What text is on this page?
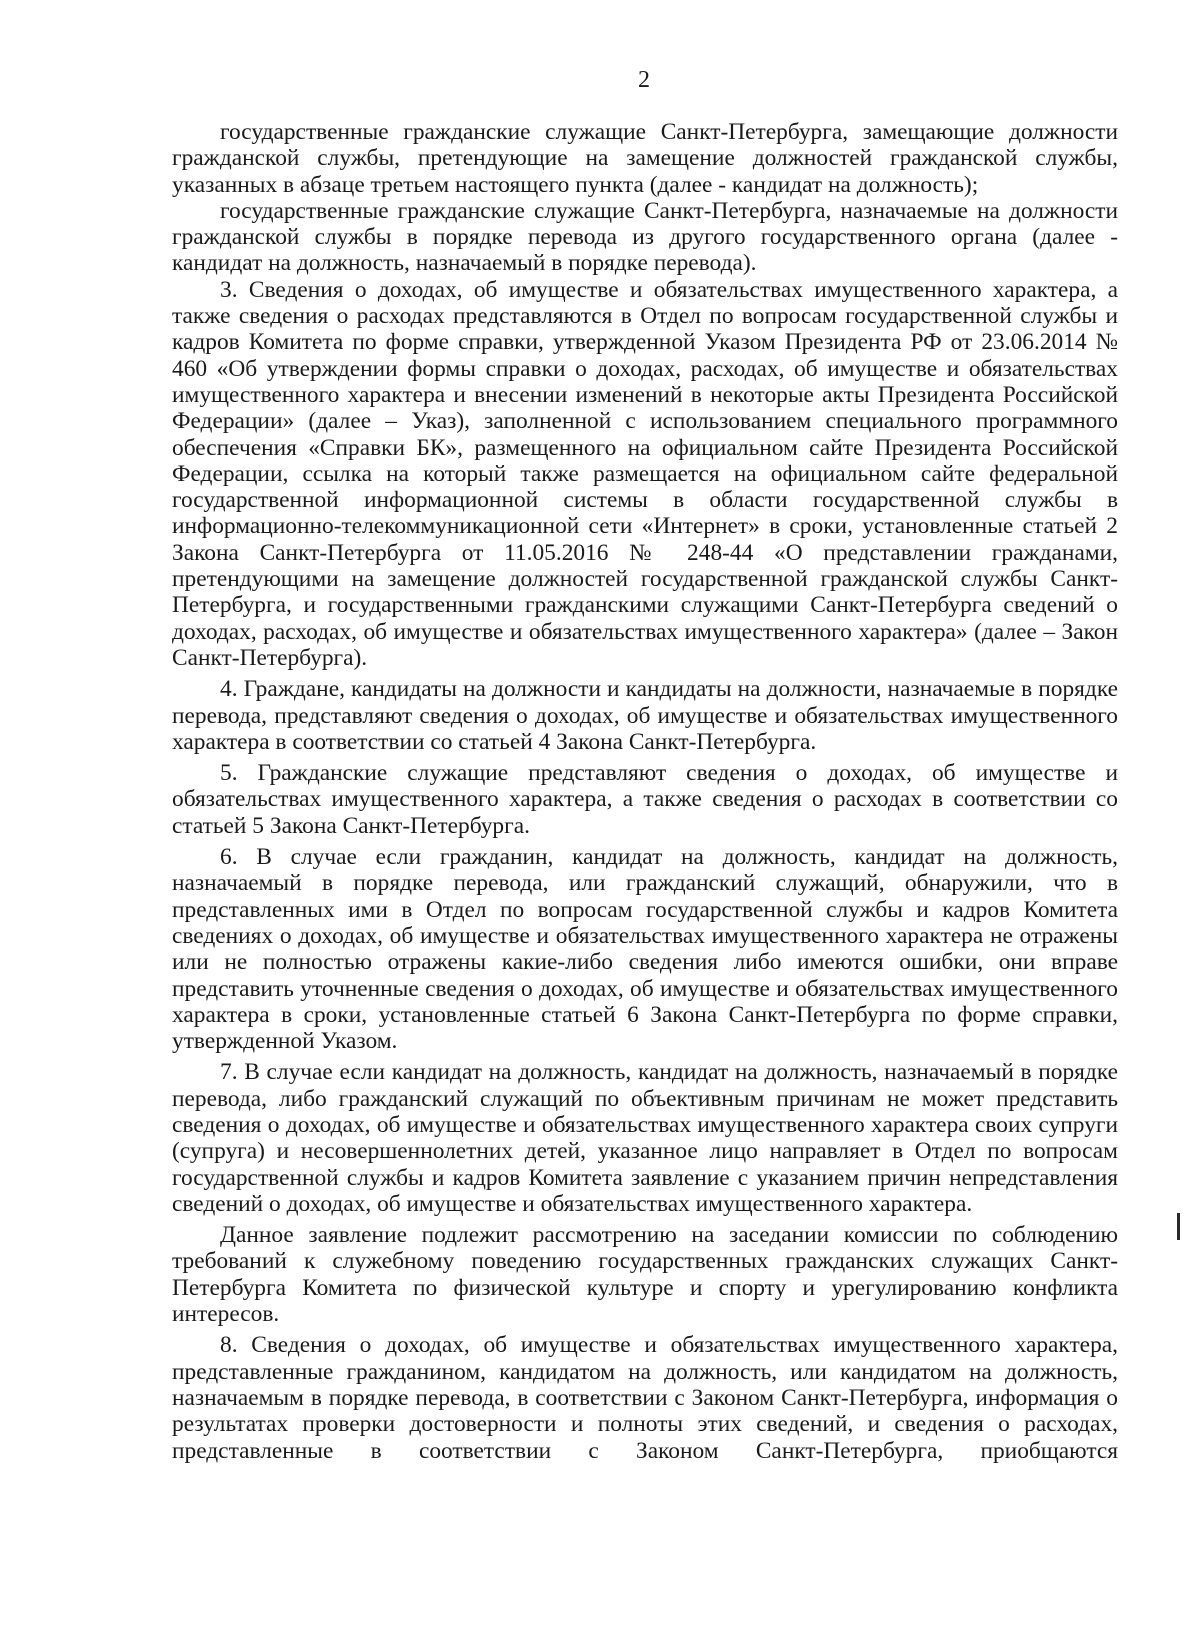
2

государственные гражданские служащие Санкт-Петербурга, замещающие должности гражданской службы, претендующие на замещение должностей гражданской службы, указанных в абзаце третьем настоящего пункта (далее - кандидат на должность);

государственные гражданские служащие Санкт-Петербурга, назначаемые на должности гражданской службы в порядке перевода из другого государственного органа (далее - кандидат на должность, назначаемый в порядке перевода).

3. Сведения о доходах, об имуществе и обязательствах имущественного характера, а также сведения о расходах представляются в Отдел по вопросам государственной службы и кадров Комитета по форме справки, утвержденной Указом Президента РФ от 23.06.2014 № 460 «Об утверждении формы справки о доходах, расходах, об имуществе и обязательствах имущественного характера и внесении изменений в некоторые акты Президента Российской Федерации» (далее – Указ), заполненной с использованием специального программного обеспечения «Справки БК», размещенного на официальном сайте Президента Российской Федерации, ссылка на который также размещается на официальном сайте федеральной государственной информационной системы в области государственной службы в информационно-телекоммуникационной сети «Интернет» в сроки, установленные статьей 2 Закона Санкт-Петербурга от 11.05.2016 № 248-44 «О представлении гражданами, претендующими на замещение должностей государственной гражданской службы Санкт-Петербурга, и государственными гражданскими служащими Санкт-Петербурга сведений о доходах, расходах, об имуществе и обязательствах имущественного характера» (далее – Закон Санкт-Петербурга).

4. Граждане, кандидаты на должности и кандидаты на должности, назначаемые в порядке перевода, представляют сведения о доходах, об имуществе и обязательствах имущественного характера в соответствии со статьей 4 Закона Санкт-Петербурга.

5. Гражданские служащие представляют сведения о доходах, об имуществе и обязательствах имущественного характера, а также сведения о расходах в соответствии со статьей 5 Закона Санкт-Петербурга.

6. В случае если гражданин, кандидат на должность, кандидат на должность, назначаемый в порядке перевода, или гражданский служащий, обнаружили, что в представленных ими в Отдел по вопросам государственной службы и кадров Комитета сведениях о доходах, об имуществе и обязательствах имущественного характера не отражены или не полностью отражены какие-либо сведения либо имеются ошибки, они вправе представить уточненные сведения о доходах, об имуществе и обязательствах имущественного характера в сроки, установленные статьей 6 Закона Санкт-Петербурга по форме справки, утвержденной Указом.

7. В случае если кандидат на должность, кандидат на должность, назначаемый в порядке перевода, либо гражданский служащий по объективным причинам не может представить сведения о доходах, об имуществе и обязательствах имущественного характера своих супруги (супруга) и несовершеннолетних детей, указанное лицо направляет в Отдел по вопросам государственной службы и кадров Комитета заявление с указанием причин непредставления сведений о доходах, об имуществе и обязательствах имущественного характера.

Данное заявление подлежит рассмотрению на заседании комиссии по соблюдению требований к служебному поведению государственных гражданских служащих Санкт-Петербурга Комитета по физической культуре и спорту и урегулированию конфликта интересов.

8. Сведения о доходах, об имуществе и обязательствах имущественного характера, представленные гражданином, кандидатом на должность, или кандидатом на должность, назначаемым в порядке перевода, в соответствии с Законом Санкт-Петербурга, информация о результатах проверки достоверности и полноты этих сведений, и сведения о расходах, представленные в соответствии с Законом Санкт-Петербурга, приобщаются
